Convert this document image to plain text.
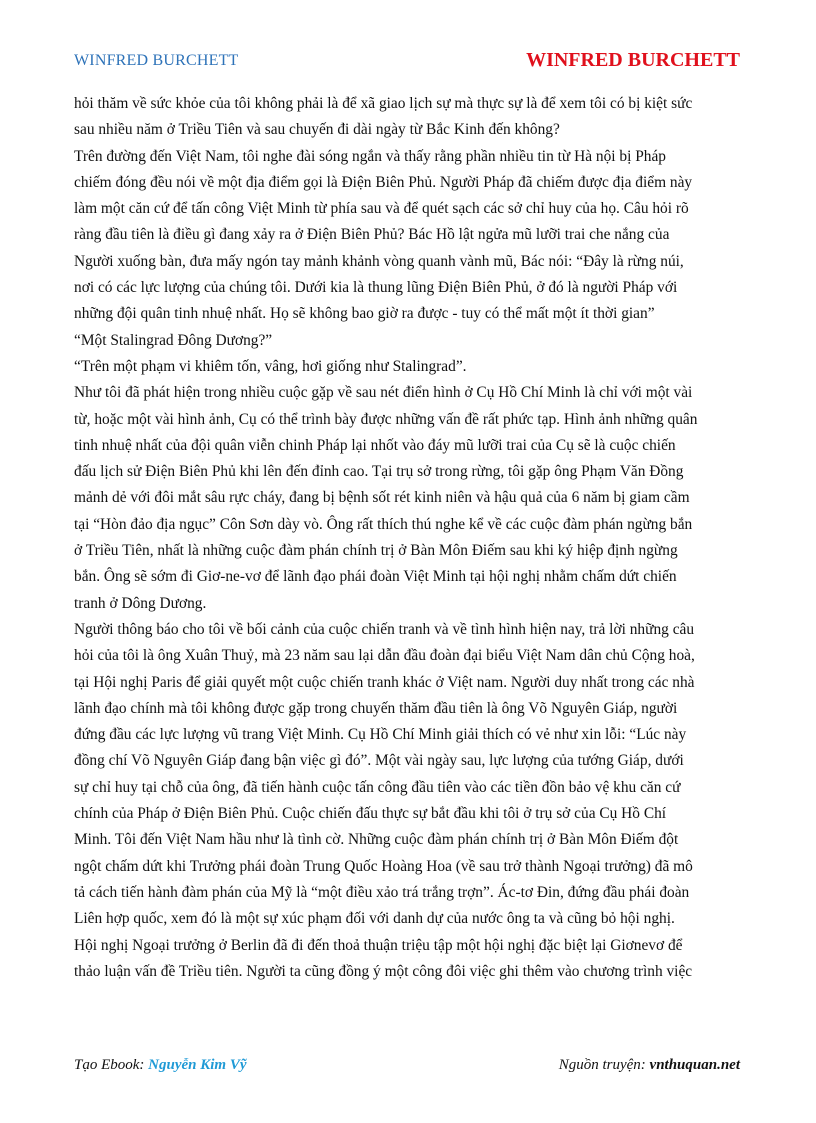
WINFRED BURCHETT	WINFRED BURCHETT
hỏi thăm về sức khỏe của tôi không phải là để xã giao lịch sự mà thực sự là để xem tôi có bị kiệt sức
sau nhiều năm ở Triều Tiên và sau chuyến đi dài ngày từ Bắc Kinh đến không?
Trên đường đến Việt Nam, tôi nghe đài sóng ngắn và thấy rằng phần nhiều tin từ Hà nội bị Pháp
chiếm đóng đều nói về một địa điểm gọi là Điện Biên Phủ. Người Pháp đã chiếm được địa điểm này
làm một căn cứ để tấn công Việt Minh từ phía sau và để quét sạch các sở chỉ huy của họ. Câu hỏi rõ
ràng đầu tiên là điều gì đang xảy ra ở Điện Biên Phủ? Bác Hồ lật ngửa mũ lưỡi trai che nắng của
Người xuống bàn, đưa mấy ngón tay mảnh khảnh vòng quanh vành mũ, Bác nói: “Đây là rừng núi,
nơi có các lực lượng của chúng tôi. Dưới kia là thung lũng Điện Biên Phủ, ở đó là người Pháp với
những đội quân tinh nhuệ nhất. Họ sẽ không bao giờ ra được - tuy có thể mất một ít thời gian”
“Một Stalingrad Đông Dương?”
“Trên một phạm vi khiêm tốn, vâng, hơi giống như Stalingrad”.
Như tôi đã phát hiện trong nhiều cuộc gặp về sau nét điển hình ở Cụ Hồ Chí Minh là chỉ với một vài
từ, hoặc một vài hình ảnh, Cụ có thể trình bày được những vấn đề rất phức tạp. Hình ảnh những quân
tinh nhuệ nhất của đội quân viễn chinh Pháp lại nhốt vào đáy mũ lưỡi trai của Cụ sẽ là cuộc chiến
đấu lịch sử Điện Biên Phủ khi lên đến đỉnh cao. Tại trụ sở trong rừng, tôi gặp ông Phạm Văn Đồng
mảnh dẻ với đôi mắt sâu rực cháy, đang bị bệnh sốt rét kinh niên và hậu quả của 6 năm bị giam cầm
tại “Hòn đảo địa ngục” Côn Sơn dày vò. Ông rất thích thú nghe kể về các cuộc đàm phán ngừng bắn
ở Triều Tiên, nhất là những cuộc đàm phán chính trị ở Bàn Môn Điếm sau khi ký hiệp định ngừng
bắn. Ông sẽ sớm đi Giơ-ne-vơ để lãnh đạo phái đoàn Việt Minh tại hội nghị nhằm chấm dứt chiến
tranh ở Dông Dương.
Người thông báo cho tôi về bối cảnh của cuộc chiến tranh và về tình hình hiện nay, trả lời những câu
hỏi của tôi là ông Xuân Thuỷ, mà 23 năm sau lại dẫn đầu đoàn đại biểu Việt Nam dân chủ Cộng hoà,
tại Hội nghị Paris để giải quyết một cuộc chiến tranh khác ở Việt nam. Người duy nhất trong các nhà
lãnh đạo chính mà tôi không được gặp trong chuyến thăm đầu tiên là ông Võ Nguyên Giáp, người
đứng đầu các lực lượng vũ trang Việt Minh. Cụ Hồ Chí Minh giải thích có vẻ như xin lỗi: “Lúc này
đồng chí Võ Nguyên Giáp đang bận việc gì đó”. Một vài ngày sau, lực lượng của tướng Giáp, dưới
sự chỉ huy tại chỗ của ông, đã tiến hành cuộc tấn công đầu tiên vào các tiền đồn bảo vệ khu căn cứ
chính của Pháp ở Điện Biên Phủ. Cuộc chiến đấu thực sự bắt đầu khi tôi ở trụ sở của Cụ Hồ Chí
Minh. Tôi đến Việt Nam hầu như là tình cờ. Những cuộc đàm phán chính trị ở Bàn Môn Điếm đột
ngột chấm dứt khi Trưởng phái đoàn Trung Quốc Hoàng Hoa (về sau trở thành Ngoại trưởng) đã mô
tả cách tiến hành đàm phán của Mỹ là “một điều xảo trá trắng trợn”. Ác-tơ Đin, đứng đầu phái đoàn
Liên hợp quốc, xem đó là một sự xúc phạm đối với danh dự của nước ông ta và cũng bỏ hội nghị.
Hội nghị Ngoại trưởng ở Berlin đã đi đến thoả thuận triệu tập một hội nghị đặc biệt lại Giơnevơ để
thảo luận vấn đề Triều tiên. Người ta cũng đồng ý một công đôi việc ghi thêm vào chương trình việc
Tạo Ebook: Nguyễn Kim Vỹ	Nguồn truyện: vnthuquan.net
